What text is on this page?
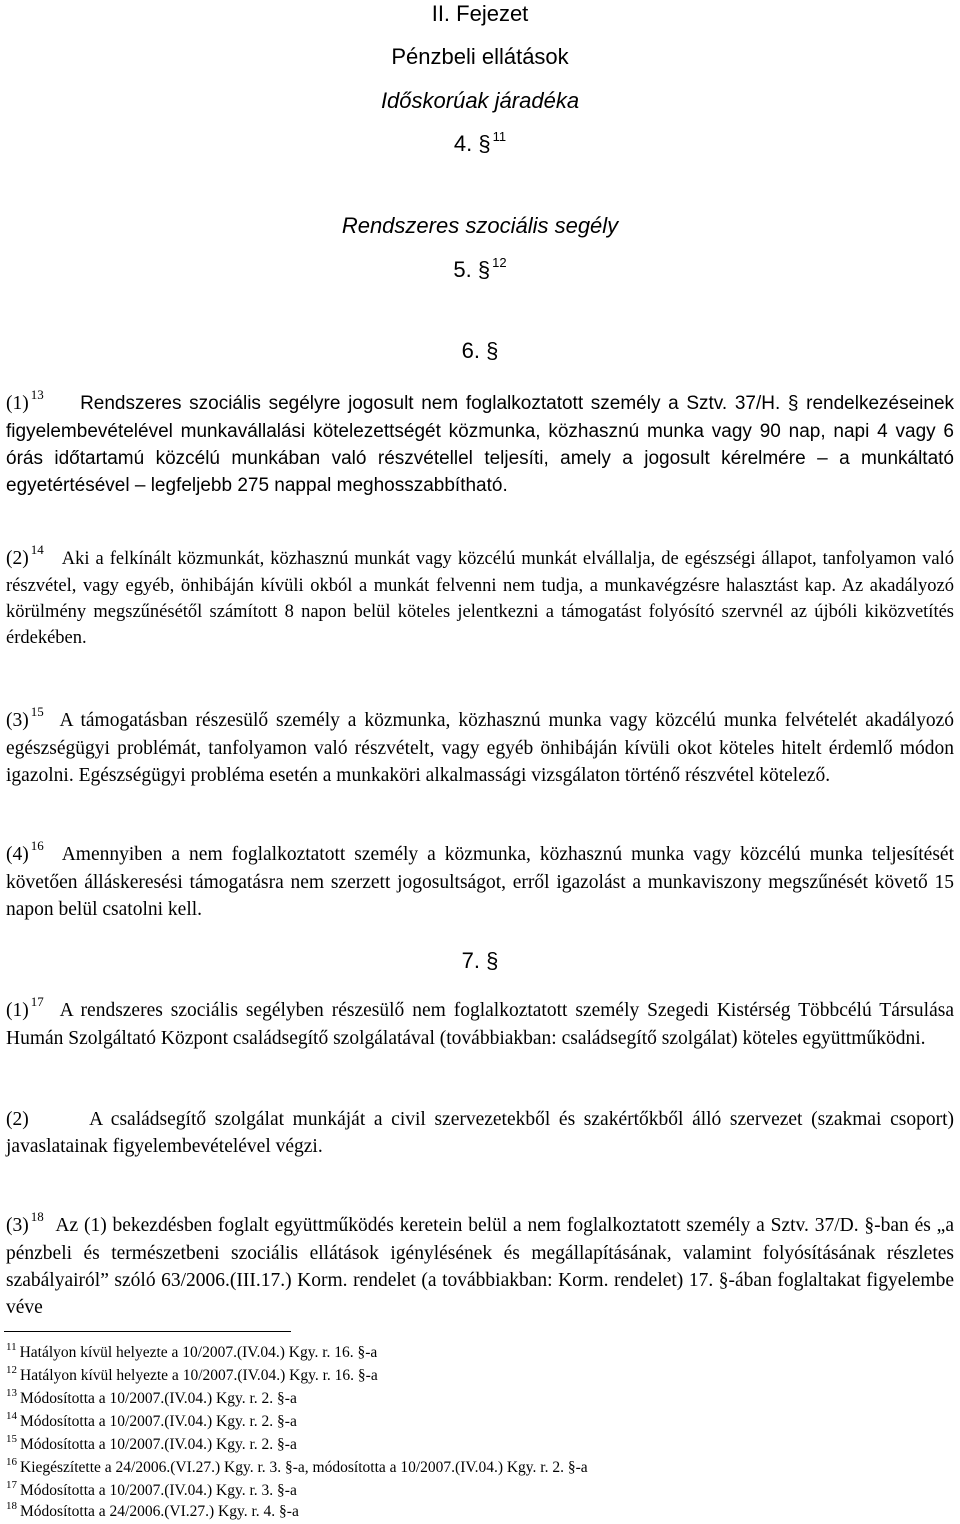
II. Fejezet
Pénzbeli ellátások
Időskorúak járadéka
4. § $^{11}$
Rendszeres szociális segély
5. § $^{12}$
6. §
(1) $^{13}$ Rendszeres szociális segélyre jogosult nem foglalkoztatott személy a Sztv. 37/H. § rendelkezéseinek figyelembevételével munkavállalási kötelezettségét közmunka, közhasznú munka vagy 90 nap, napi 4 vagy 6 órás időtartamú közcélú munkában való részvétellel teljesíti, amely a jogosult kérelmére – a munkáltató egyetértésével – legfeljebb 275 nappal meghosszabbítható.
(2) $^{14}$ Aki a felkínált közmunkát, közhasznú munkát vagy közcélú munkát elvállalja, de egészségi állapot, tanfolyamon való részvétel, vagy egyéb, önhibáján kívüli okból a munkát felvenni nem tudja, a munkavégzésre halasztást kap. Az akadályozó körülmény megszűnésétől számított 8 napon belül köteles jelentkezni a támogatást folyósító szervnél az újbóli kiközvetítés érdekében.
(3) $^{15}$ A támogatásban részesülő személy a közmunka, közhasznú munka vagy közcélú munka felvételét akadályozó egészségügyi problémát, tanfolyamon való részvételt, vagy egyéb önhibáján kívüli okot köteles hitelt érdemlő módon igazolni. Egészségügyi probléma esetén a munkaköri alkalmassági vizsgálaton történő részvétel kötelező.
(4) $^{16}$ Amennyiben a nem foglalkoztatott személy a közmunka, közhasznú munka vagy közcélú munka teljesítését követően álláskeresési támogatásra nem szerzett jogosultságot, erről igazolást a munkaviszony megszűnését követő 15 napon belül csatolni kell.
7. §
(1) $^{17}$ A rendszeres szociális segélyben részesülő nem foglalkoztatott személy Szegedi Kistérség Többcélú Társulása Humán Szolgáltató Központ családsegítő szolgálatával (továbbiakban: családsegítő szolgálat) köteles együttműködni.
(2)	A családsegítő szolgálat munkáját a civil szervezetekből és szakértőkből álló szervezet (szakmai csoport) javaslatainak figyelembevételével végzi.
(3) $^{18}$ Az (1) bekezdésben foglalt együttműködés keretein belül a nem foglalkoztatott személy a Sztv. 37/D. §-ban és „a pénzbeli és természetbeni szociális ellátások igénylésének és megállapításának, valamint folyósításának részletes szabályairól” szóló 63/2006.(III.17.) Korm. rendelet (a továbbiakban: Korm. rendelet) 17. §-ában foglaltakat figyelembe véve
$^{11}$ Hatályon kívül helyezte a 10/2007.(IV.04.) Kgy. r. 16. §-a
$^{12}$ Hatályon kívül helyezte a 10/2007.(IV.04.) Kgy. r. 16. §-a
$^{13}$ Módosította a 10/2007.(IV.04.) Kgy. r. 2. §-a
$^{14}$ Módosította a 10/2007.(IV.04.) Kgy. r. 2. §-a
$^{15}$ Módosította a 10/2007.(IV.04.) Kgy. r. 2. §-a
$^{16}$ Kiegészítette a 24/2006.(VI.27.) Kgy. r. 3. §-a, módosította a 10/2007.(IV.04.) Kgy. r. 2. §-a
$^{17}$ Módosította a 10/2007.(IV.04.) Kgy. r. 3. §-a
$^{18}$ Módosította a 24/2006.(VI.27.) Kgy. r. 4. §-a
